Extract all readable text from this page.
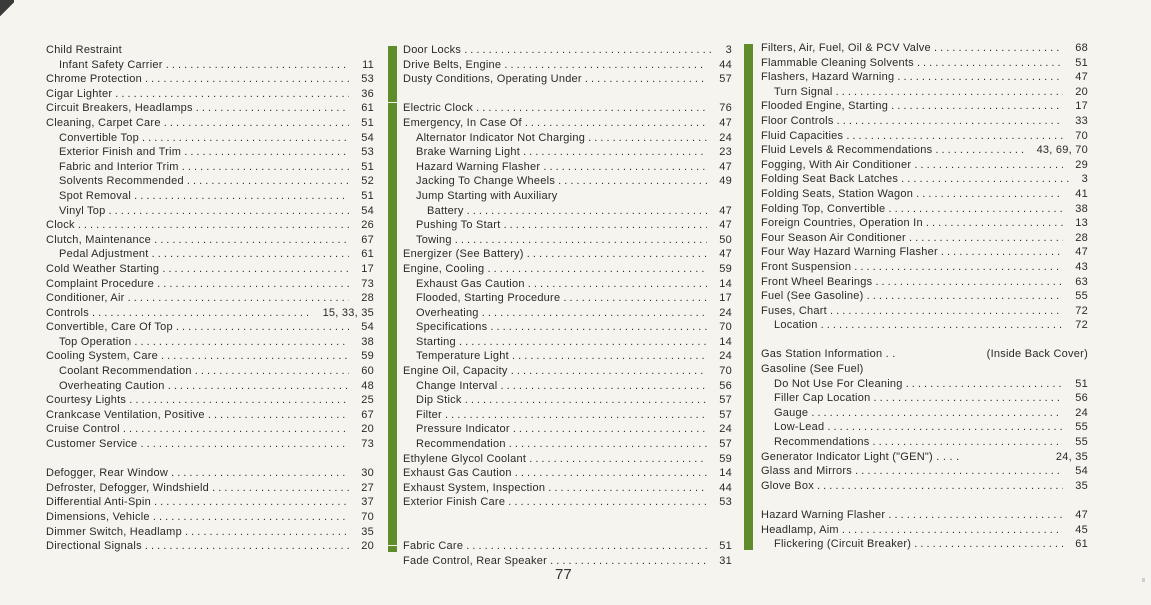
Child Restraint
Infant Safety Carrier . . .	11
Chrome Protection . . .	53
Cigar Lighter . . .	36
Circuit Breakers, Headlamps . . .	61
Cleaning, Carpet Care . . .	51
Convertible Top . . .	54
Exterior Finish and Trim . . .	53
Fabric and Interior Trim . . .	51
Solvents Recommended . . .	52
Spot Removal . . .	51
Vinyl Top . . .	54
Clock . . .	26
Clutch, Maintenance . . .	67
Pedal Adjustment . . .	61
Cold Weather Starting . . .	17
Complaint Procedure . . .	73
Conditioner, Air . . .	28
Controls . . .	15, 33, 35
Convertible, Care Of Top . . .	54
Top Operation . . .	38
Cooling System, Care . . .	59
Coolant Recommendation . . .	60
Overheating Caution . . .	48
Courtesy Lights . . .	25
Crankcase Ventilation, Positive . . .	67
Cruise Control . . .	20
Customer Service . . .	73
Defogger, Rear Window . . .	30
Defroster, Defogger, Windshield . . .	27
Differential Anti-Spin . . .	37
Dimensions, Vehicle . . .	70
Dimmer Switch, Headlamp . . .	35
Directional Signals . . .	20
Door Locks . . .	3
Drive Belts, Engine . . .	44
Dusty Conditions, Operating Under . . .	57
Electric Clock . . .	76
Emergency, In Case Of . . .	47
Alternator Indicator Not Charging . . .	24
Brake Warning Light . . .	23
Hazard Warning Flasher . . .	47
Jacking To Change Wheels . . .	49
Jump Starting with Auxiliary
Battery . . .	47
Pushing To Start . . .	47
Towing . . .	50
Energizer (See Battery) . . .	47
Engine, Cooling . . .	59
Exhaust Gas Caution . . .	14
Flooded, Starting Procedure . . .	17
Overheating . . .	24
Specifications . . .	70
Starting . . .	14
Temperature Light . . .	24
Engine Oil, Capacity . . .	70
Change Interval . . .	56
Dip Stick . . .	57
Filter . . .	57
Pressure Indicator . . .	24
Recommendation . . .	57
Ethylene Glycol Coolant . . .	59
Exhaust Gas Caution . . .	14
Exhaust System, Inspection . . .	44
Exterior Finish Care . . .	53
Fabric Care . . .	51
Fade Control, Rear Speaker . . .	31
Filters, Air, Fuel, Oil & PCV Valve . . .	68
Flammable Cleaning Solvents . . .	51
Flashers, Hazard Warning . . .	47
Turn Signal . . .	20
Flooded Engine, Starting . . .	17
Floor Controls . . .	33
Fluid Capacities . . .	70
Fluid Levels & Recommendations . . .	43, 69, 70
Fogging, With Air Conditioner . . .	29
Folding Seat Back Latches . . .	3
Folding Seats, Station Wagon . . .	41
Folding Top, Convertible . . .	38
Foreign Countries, Operation In . . .	13
Four Season Air Conditioner . . .	28
Four Way Hazard Warning Flasher . . .	47
Front Suspension . . .	43
Front Wheel Bearings . . .	63
Fuel (See Gasoline) . . .	55
Fuses, Chart . . .	72
Location . . .	72
Gas Station Information . .	(Inside Back Cover)
Gasoline (See Fuel)
Do Not Use For Cleaning . . .	51
Filler Cap Location . . .	56
Gauge . . .	24
Low-Lead . . .	55
Recommendations . . .	55
Generator Indicator Light ("GEN") . . . .	24, 35
Glass and Mirrors . . .	54
Glove Box . . .	35
Hazard Warning Flasher . . .	47
Headlamp, Aim . . .	45
Flickering (Circuit Breaker) . . .	61
77
